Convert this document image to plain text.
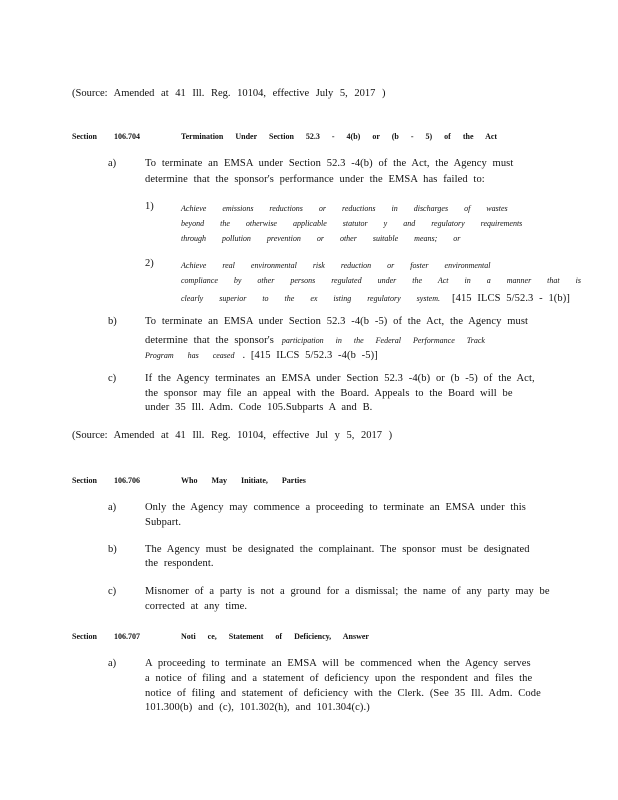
(Source: Amended at 41 Ill. Reg. 10104, effective July 5, 2017 )
Section 106.704	Termination Under Section 52.3 - 4(b) or (b - 5) of the Act
a)	To terminate an EMSA under Section 52.3 -4(b) of the Act, the Agency must
determine that the sponsor's performance under the EMSA has failed to:
1)	Achieve emissions reductions or reductions in discharges of wastes
beyond the otherwise applicable statutor y and regulatory requirements
through pollution prevention or other suitable means; or
2)	Achieve real environmental risk reduction or foster environmental
compliance by other persons regulated under the Act in a manner that is
clearly superior to the ex isting regulatory system. [415 ILCS 5/52.3 - 1(b)]
b)	To terminate an EMSA under Section 52.3 -4(b -5) of the Act, the Agency must
determine that the sponsor's participation in the Federal Performance Track
Program has ceased . [415 ILCS 5/52.3 -4(b -5)]
c)	If the Agency terminates an EMSA under Section 52.3 -4(b) or (b -5) of the Act,
the sponsor may file an appeal with the Board. Appeals to the Board will be
under 35 Ill. Adm. Code 105.Subparts A and B.
(Source: Amended at 41 Ill. Reg. 10104, effective Jul y 5, 2017 )
Section 106.706	Who May Initiate, Parties
a)	Only the Agency may commence a proceeding to terminate an EMSA under this
Subpart.
b)	The Agency must be designated the complainant. The sponsor must be designated
the respondent.
c)	Misnomer of a party is not a ground for a dismissal; the name of any party may be
corrected at any time.
Section 106.707	Noti ce, Statement of Deficiency, Answer
a)	A proceeding to terminate an EMSA will be commenced when the Agency serves
a notice of filing and a statement of deficiency upon the respondent and files the
notice of filing and statement of deficiency with the Clerk. (See 35 Ill. Adm. Code
101.300(b) and (c), 101.302(h), and 101.304(c).)
